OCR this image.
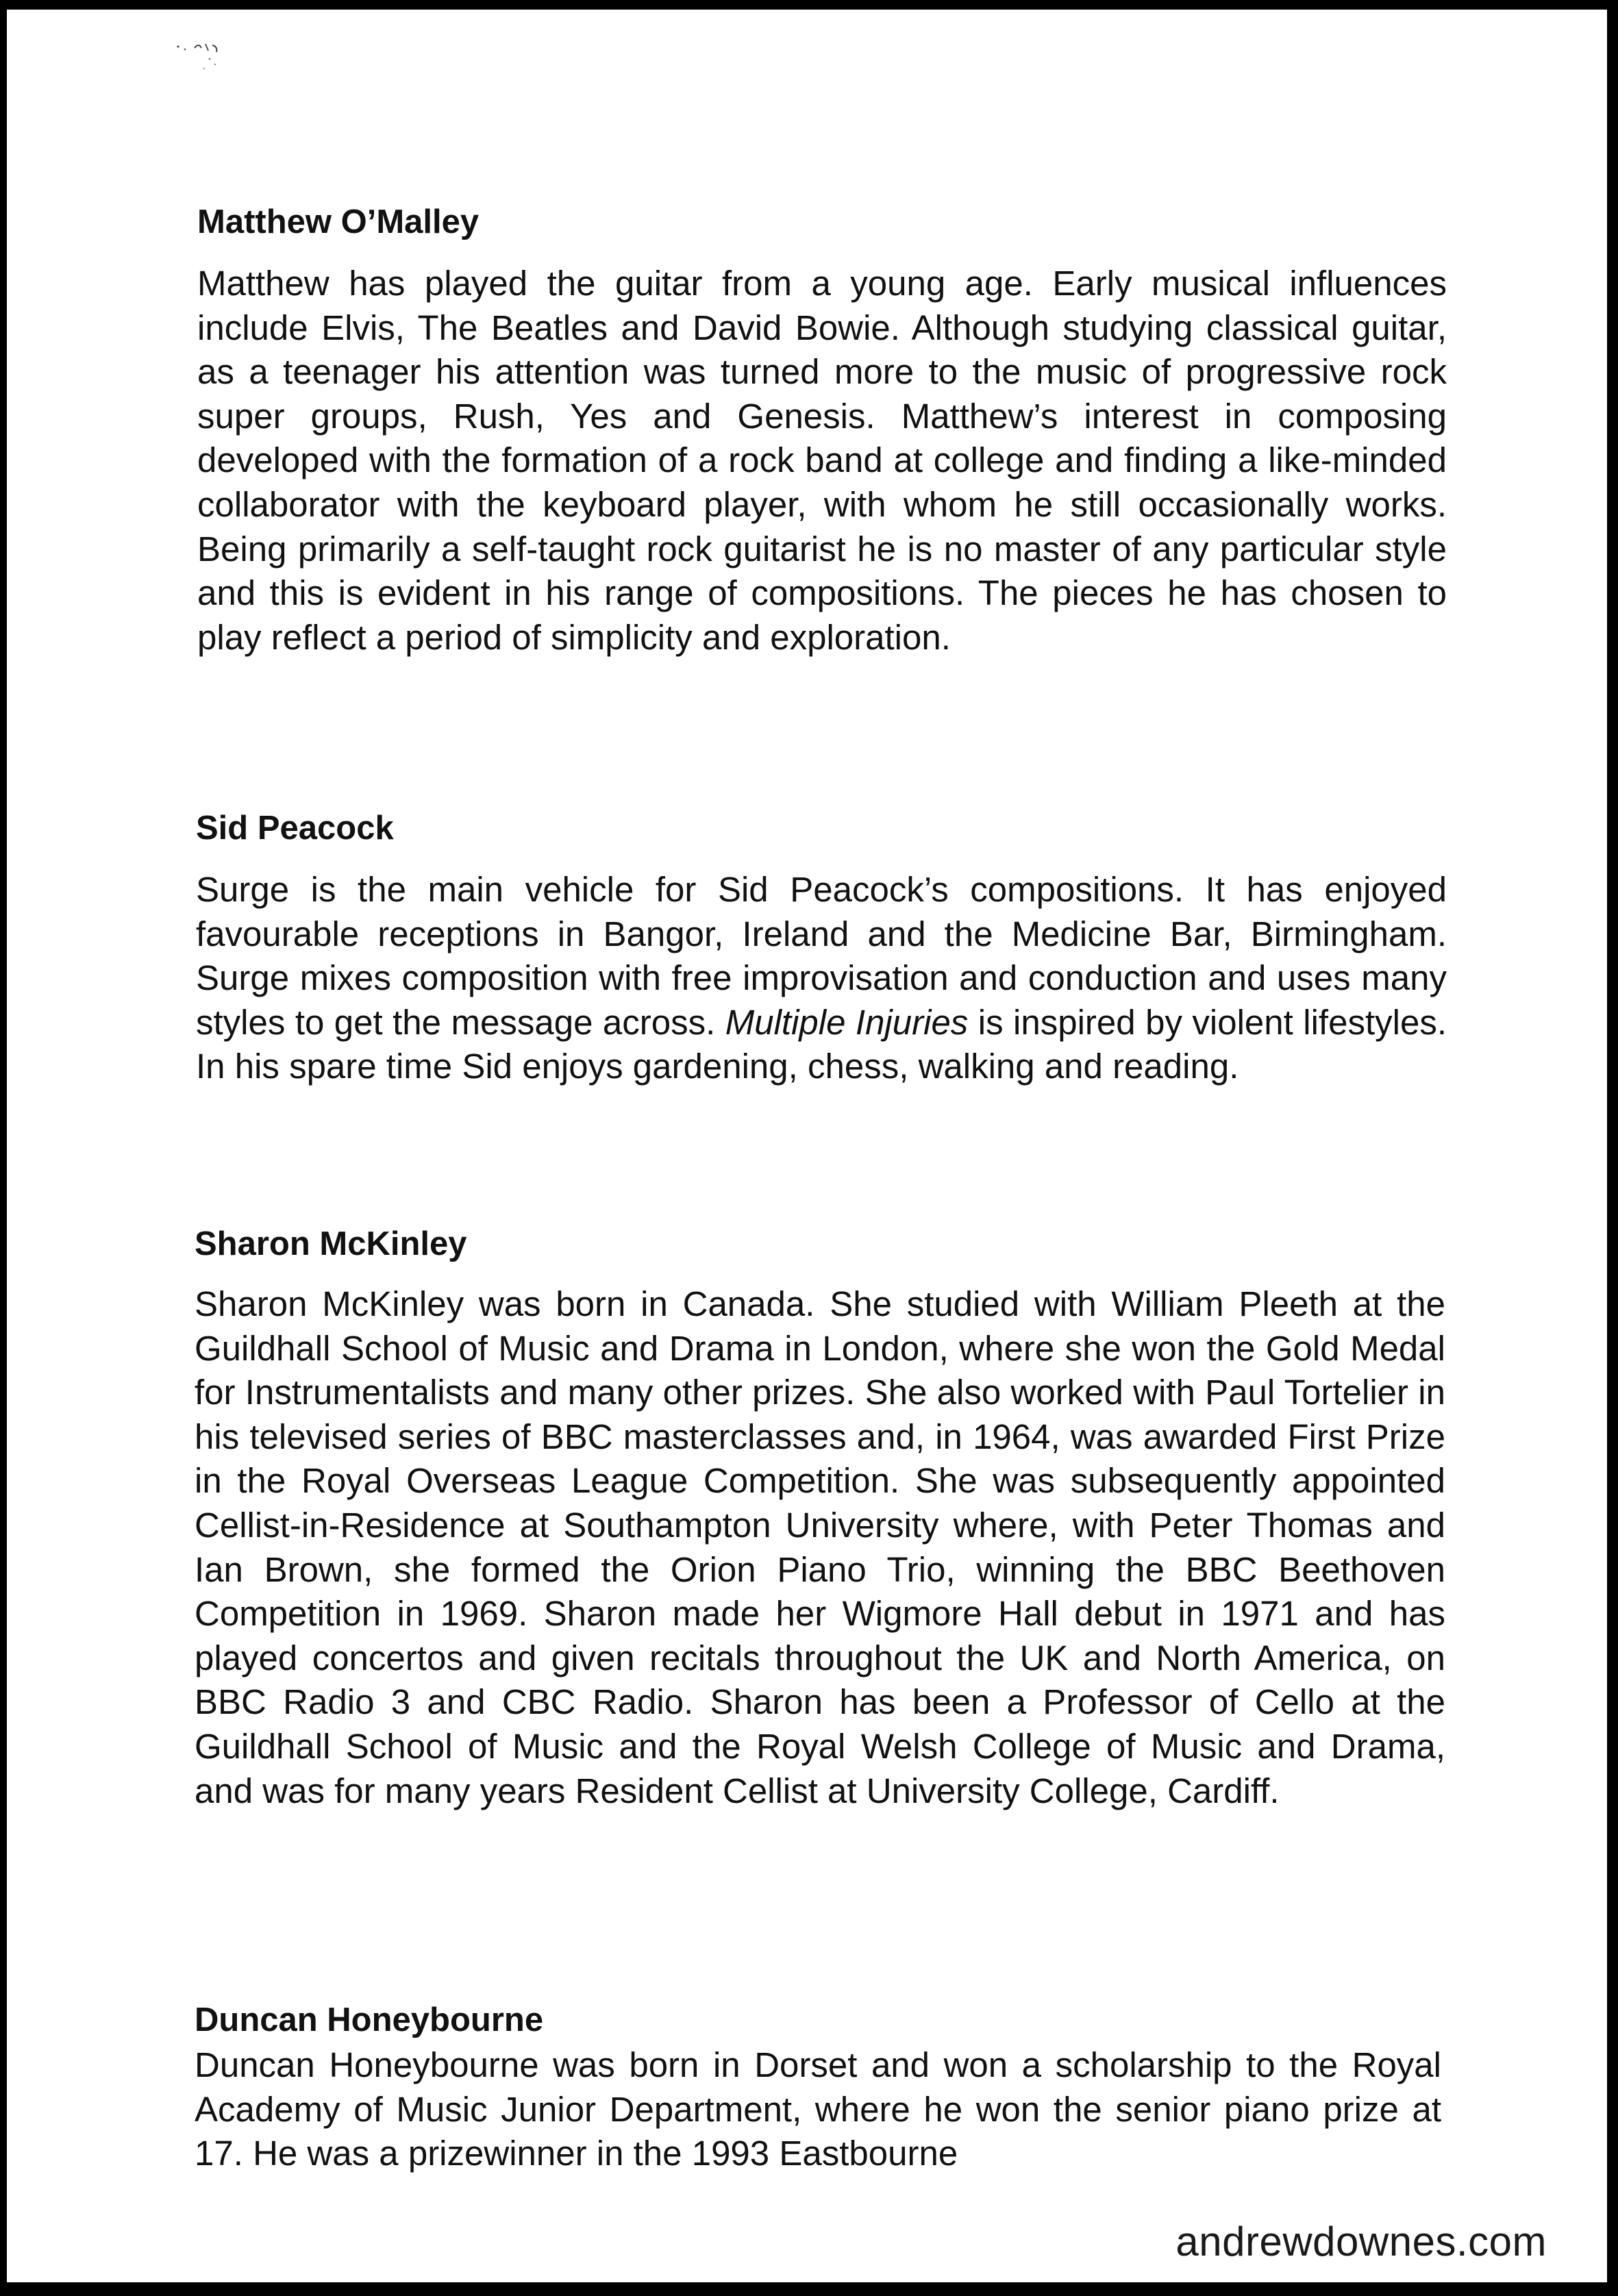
Matthew O’Malley

Matthew has played the guitar from a young age. Early musical influences include Elvis, The Beatles and David Bowie. Although studying classical guitar, as a teenager his attention was turned more to the music of progressive rock super groups, Rush, Yes and Genesis. Matthew’s interest in composing developed with the formation of a rock band at college and finding a like-minded collaborator with the keyboard player, with whom he still occasionally works. Being primarily a self-taught rock guitarist he is no master of any particular style and this is evident in his range of compositions. The pieces he has chosen to play reflect a period of simplicity and exploration.

Sid Peacock

Surge is the main vehicle for Sid Peacock’s compositions. It has enjoyed favourable receptions in Bangor, Ireland and the Medicine Bar, Birmingham. Surge mixes composition with free improvisation and conduction and uses many styles to get the message across. Multiple Injuries is inspired by violent lifestyles. In his spare time Sid enjoys gardening, chess, walking and reading.

Sharon McKinley

Sharon McKinley was born in Canada. She studied with William Pleeth at the Guildhall School of Music and Drama in London, where she won the Gold Medal for Instrumentalists and many other prizes. She also worked with Paul Tortelier in his televised series of BBC masterclasses and, in 1964, was awarded First Prize in the Royal Overseas League Competition. She was subsequently appointed Cellist-in-Residence at Southampton University where, with Peter Thomas and Ian Brown, she formed the Orion Piano Trio, winning the BBC Beethoven Competition in 1969. Sharon made her Wigmore Hall debut in 1971 and has played concertos and given recitals throughout the UK and North America, on BBC Radio 3 and CBC Radio. Sharon has been a Professor of Cello at the Guildhall School of Music and the Royal Welsh College of Music and Drama, and was for many years Resident Cellist at University College, Cardiff.

Duncan Honeybourne

Duncan Honeybourne was born in Dorset and won a scholarship to the Royal Academy of Music Junior Department, where he won the senior piano prize at 17. He was a prizewinner in the 1993 Eastbourne

andrewdownes.com
